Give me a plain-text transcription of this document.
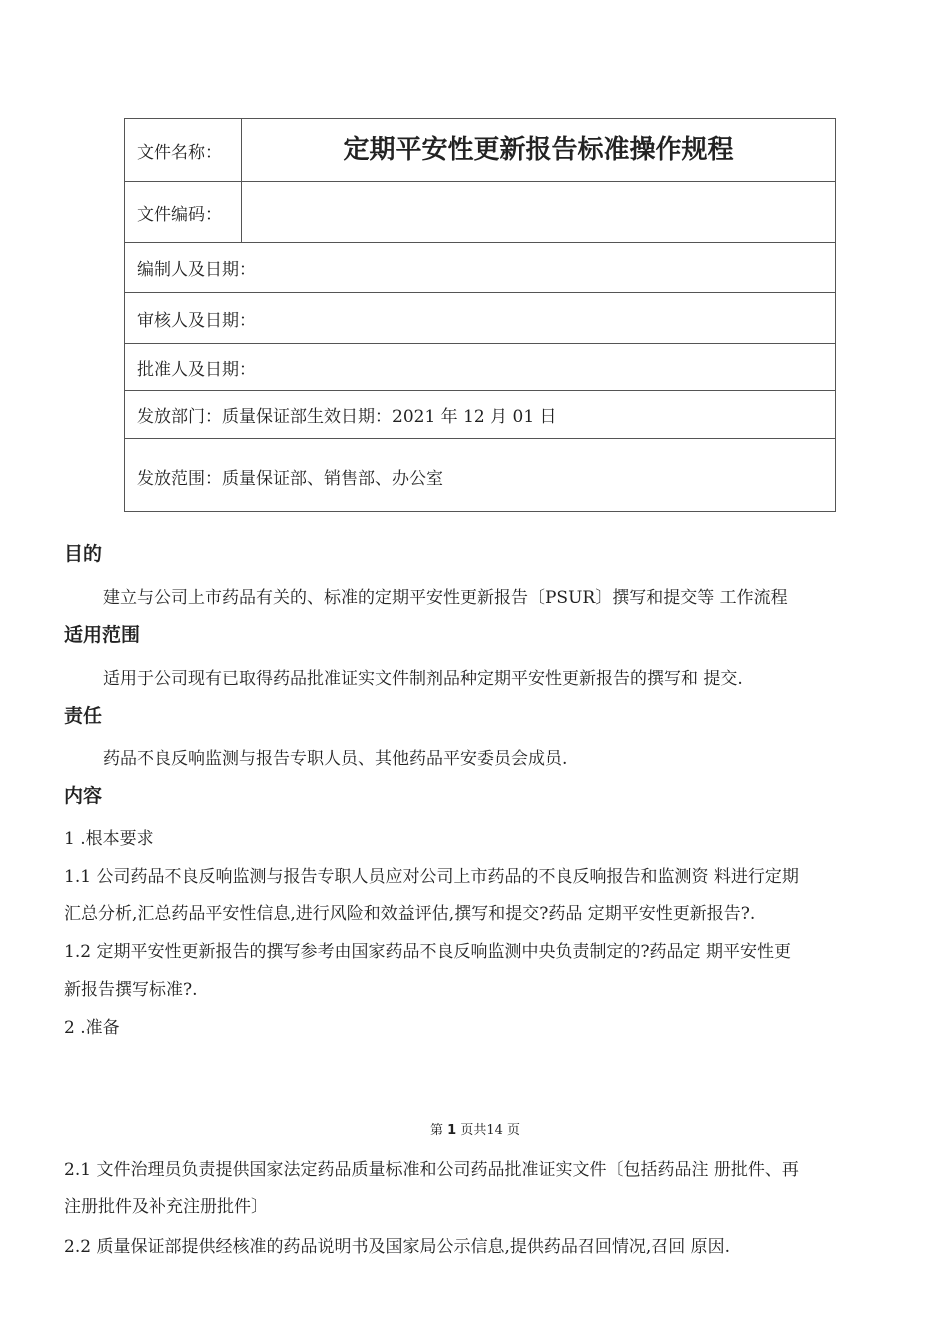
文件名称：	定期平安性更新报告标准操作规程
文件编码：	
编制人及日期：	
审核人及日期：	
批准人及日期：	
发放部门：质量保证部生效日期：2021 年 12 月 01 日	
发放范围：质量保证部、销售部、办公室	
目的

建立与公司上市药品有关的、标准的定期平安性更新报告〔PSUR〕撰写和提交等 工作流程

适用范围

适用于公司现有已取得药品批准证实文件制剂品种定期平安性更新报告的撰写和 提交.

责任

药品不良反响监测与报告专职人员、其他药品平安委员会成员.

内容

1 .根本要求

1.1 公司药品不良反响监测与报告专职人员应对公司上市药品的不良反响报告和监测资 料进行定期

汇总分析,汇总药品平安性信息,进行风险和效益评估,撰写和提交?药品 定期平安性更新报告?.

1.2 定期平安性更新报告的撰写参考由国家药品不良反响监测中央负责制定的?药品定 期平安性更

新报告撰写标准?.

2 .准备

第 1 页共14 页

2.1 文件治理员负责提供国家法定药品质量标准和公司药品批准证实文件〔包括药品注 册批件、再

注册批件及补充注册批件〕

2.2 质量保证部提供经核准的药品说明书及国家局公示信息,提供药品召回情况,召回 原因.
